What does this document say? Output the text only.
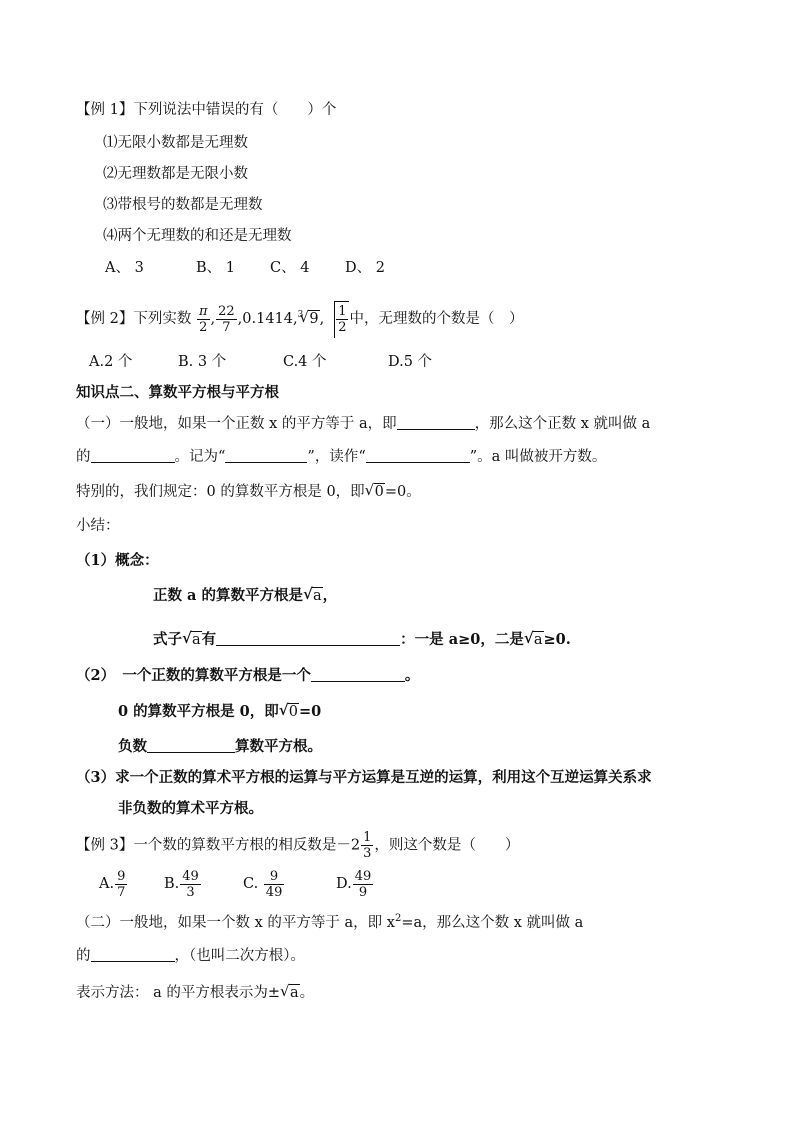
【例 1】下列说法中错误的有（　　）个
⑴无限小数都是无理数
⑵无理数都是无限小数
⑶带根号的数都是无理数
⑷两个无理数的和还是无理数
A、 3	B、 1 C、 4 D、 2
【例 2】下列实数 $\frac{\pi}{2}$ , $\frac{22}{7} ,0.1414,^3√$ 9, $\frac{1}{2}$ 中，无理数的个数是（　）
A.2 个	B. 3 个	C.4 个	D.5 个
知识点二、算数平方根与平方根
（一）一般地，如果一个正数 x 的平方等于 a，即	，那么这个正数 x 就叫做 a
的	。记为“	”，读作“	”。a 叫做被开方数。
特别的，我们规定：0 的算数平方根是 0，即√ 0=0。
小结：
（1）概念：
正数 a 的算数平方根是√ a，
式子√ a有	：一是 a≥0，二是√ a≥0.
（2）　一个正数的算数平方根是一个	。
0 的算数平方根是 0，即√ 0=0
负数	算数平方根。
（3）求一个正数的算术平方根的运算与平方运算是互逆的运算，利用这个互逆运算关系求
非负数的算术平方根。
【例 3】一个数的算数平方根的相反数是$-2 \frac{1}{3}$ ，则这个数是（　　）
A. $\frac{9}{7}$	B. $\frac{49}{3}$	C. $\frac{9}{49}$	D. $\frac{49}{9}$
（二）一般地，如果一个数 x 的平方等于 a，即 $x^2=a$，那么这个数 x 就叫做 a
的	，（也叫二次方根）。
表示方法： a 的平方根表示为±√ a。
